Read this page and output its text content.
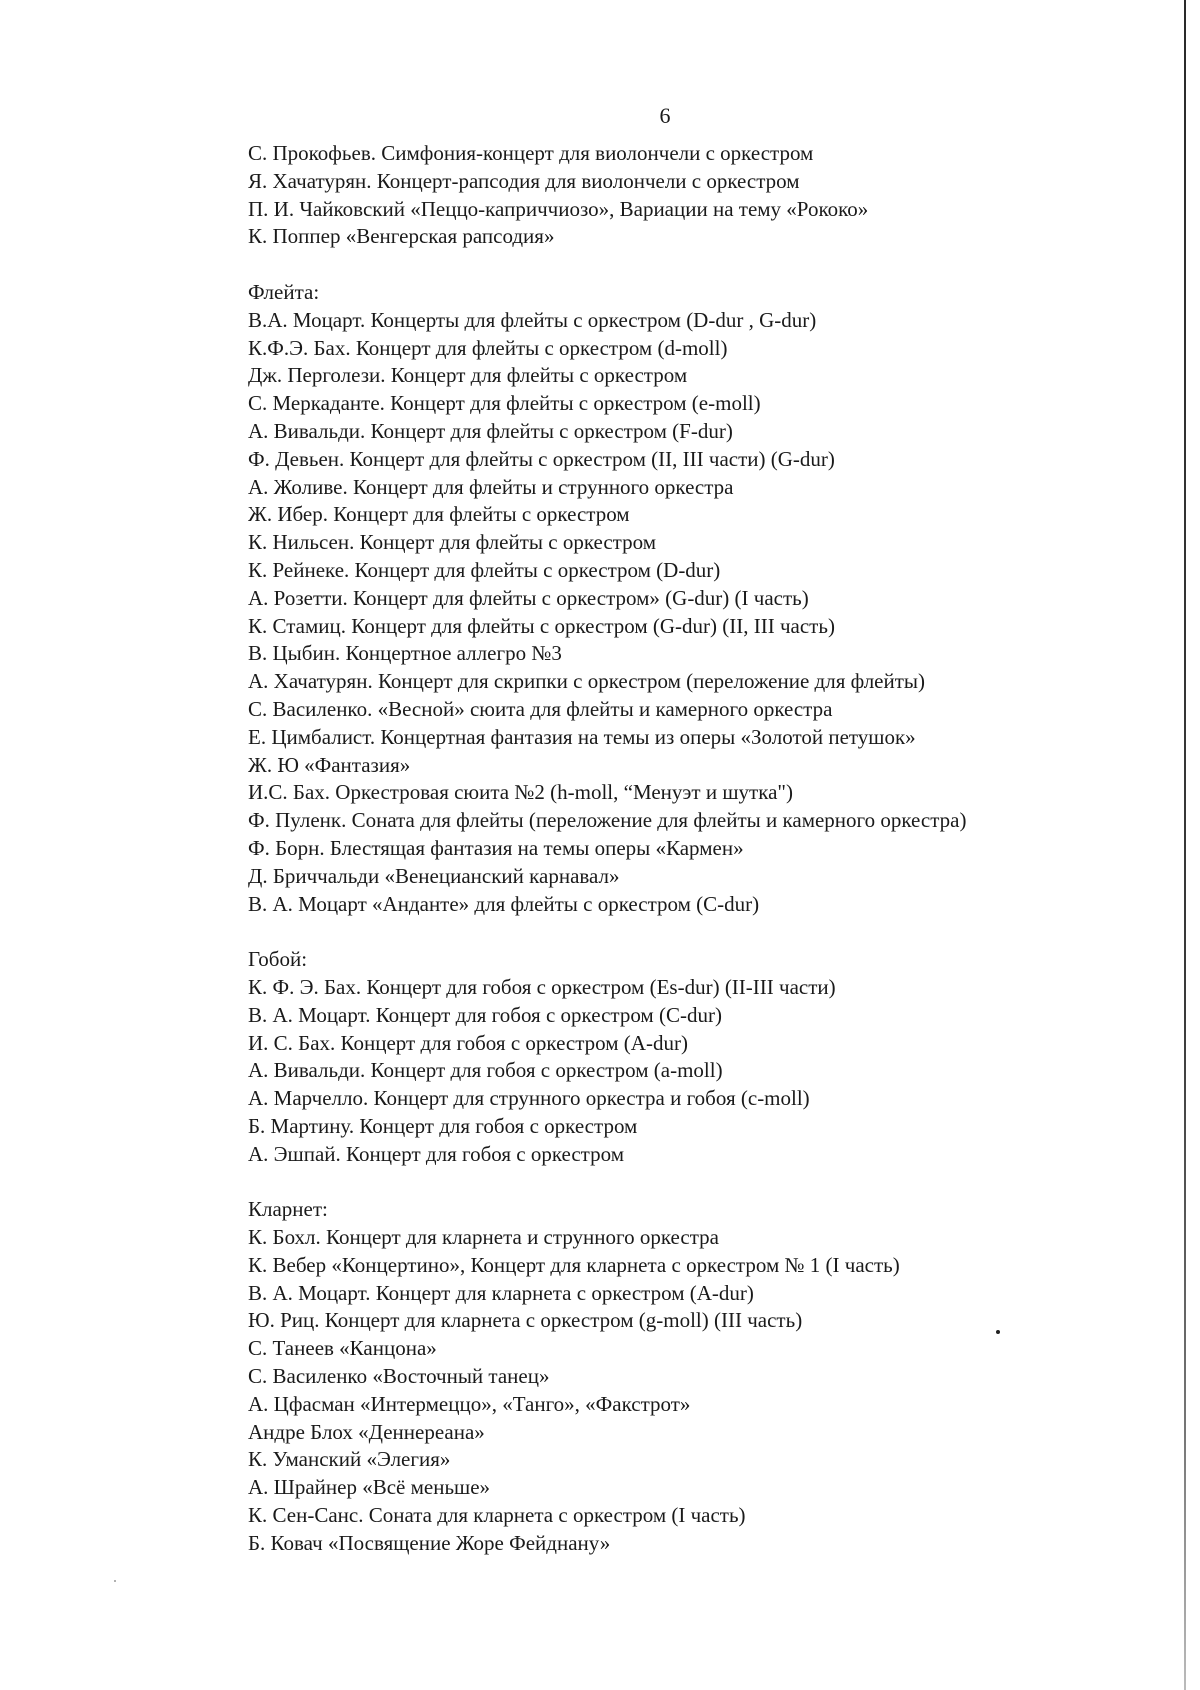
6
С. Прокофьев. Симфония-концерт для виолончели с оркестром
Я. Хачатурян. Концерт-рапсодия для виолончели с оркестром
П. И. Чайковский «Пеццо-каприччиозо», Вариации на тему «Рококо»
К. Поппер «Венгерская рапсодия»
Флейта:
В.А. Моцарт. Концерты для флейты с оркестром (D-dur , G-dur)
К.Ф.Э. Бах. Концерт для флейты с оркестром (d-moll)
Дж. Перголези. Концерт для флейты с оркестром
С. Меркаданте. Концерт для флейты с оркестром (e-moll)
А. Вивальди. Концерт для флейты с оркестром (F-dur)
Ф. Девьен. Концерт для флейты с оркестром (II, III части) (G-dur)
А. Жоливе. Концерт для флейты и струнного оркестра
Ж. Ибер. Концерт для флейты с оркестром
К. Нильсен. Концерт для флейты с оркестром
К. Рейнеке. Концерт для флейты с оркестром (D-dur)
А. Розетти. Концерт для флейты с оркестром» (G-dur) (I часть)
К. Стамиц. Концерт для флейты с оркестром (G-dur) (II, III часть)
В. Цыбин. Концертное аллегро №3
А. Хачатурян. Концерт для скрипки с оркестром (переложение для флейты)
С. Василенко. «Весной» сюита для флейты и камерного оркестра
Е. Цимбалист. Концертная фантазия на темы из оперы «Золотой петушок»
Ж. Ю «Фантазия»
И.С. Бах. Оркестровая сюита №2 (h-moll, “Менуэт и шутка")
Ф. Пуленк. Соната для флейты (переложение для флейты и камерного оркестра)
Ф. Борн. Блестящая фантазия на темы оперы «Кармен»
Д. Бриччальди «Венецианский карнавал»
В. А. Моцарт «Андантe» для флейты с оркестром (С-dur)
Гобой:
К. Ф. Э. Бах. Концерт для гобоя с оркестром (Es-dur) (II-III части)
В. А. Моцарт. Концерт для гобоя с оркестром (C-dur)
И. С. Бах. Концерт для гобоя с оркестром (А-dur)
А. Вивальди. Концерт для гобоя с оркестром (a-moll)
А. Марчелло. Концерт для струнного оркестра и гобоя (c-moll)
Б. Мартину. Концерт для гобоя с оркестром
А. Эшпай. Концерт для гобоя с оркестром
Кларнет:
К. Бохл. Концерт для кларнета и струнного оркестра
К. Вебер «Концертино», Концерт для кларнета с оркестром № 1 (I часть)
В. А. Моцарт. Концерт для кларнета с оркестром (А-dur)
Ю. Риц. Концерт для кларнета с оркестром (g-moll) (III часть)
С. Танеев «Канцона»
С. Василенко «Восточный танец»
А. Цфасман «Интермеццо», «Танго», «Факстрот»
Андре Блох «Деннереана»
К. Уманский «Элегия»
А. Шрайнер «Всё меньше»
К. Сен-Санс. Соната для кларнета с оркестром (I часть)
Б. Ковач «Посвящение Жоре Фейднану»
